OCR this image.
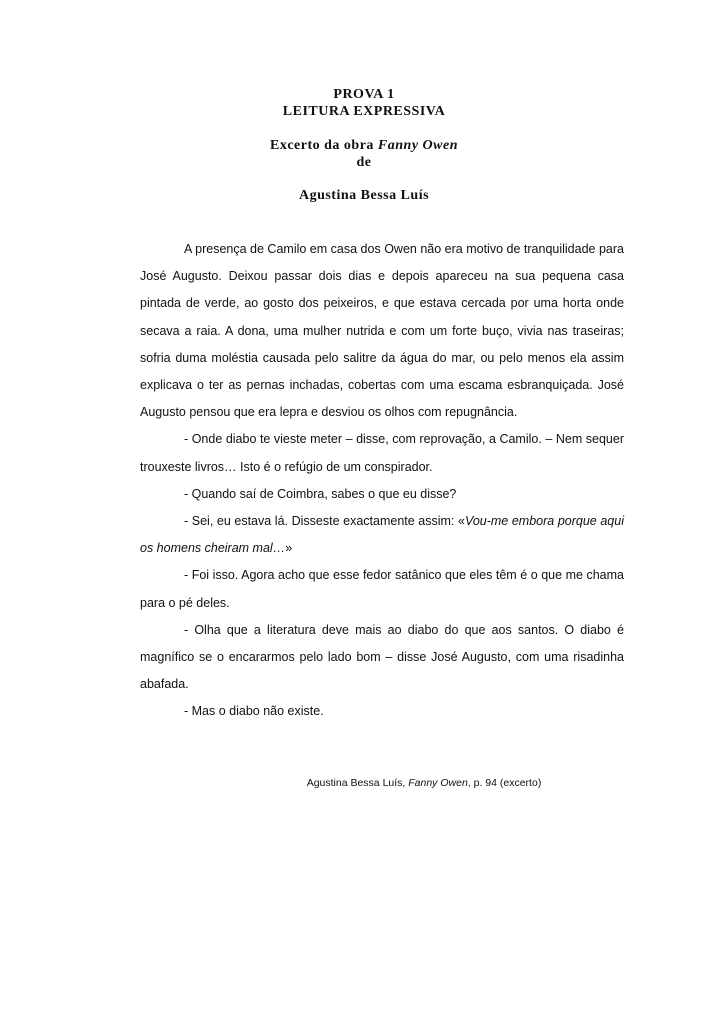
PROVA 1
LEITURA EXPRESSIVA
Excerto da obra Fanny Owen
de
Agustina Bessa Luís

A presença de Camilo em casa dos Owen não era motivo de tranquilidade para José Augusto. Deixou passar dois dias e depois apareceu na sua pequena casa pintada de verde, ao gosto dos peixeiros, e que estava cercada por uma horta onde secava a raia. A dona, uma mulher nutrida e com um forte buço, vivia nas traseiras; sofria duma moléstia causada pelo salitre da água do mar, ou pelo menos ela assim explicava o ter as pernas inchadas, cobertas com uma escama esbranquiçada. José Augusto pensou que era lepra e desviou os olhos com repugnância.

- Onde diabo te vieste meter – disse, com reprovação, a Camilo. – Nem sequer trouxeste livros… Isto é o refúgio de um conspirador.

- Quando saí de Coimbra, sabes o que eu disse?

- Sei, eu estava lá. Disseste exactamente assim: «Vou-me embora porque aqui os homens cheiram mal…»

- Foi isso. Agora acho que esse fedor satânico que eles têm é o que me chama para o pé deles.

- Olha que a literatura deve mais ao diabo do que aos santos. O diabo é magnífico se o encararmos pelo lado bom – disse José Augusto, com uma risadinha abafada.

- Mas o diabo não existe.

Agustina Bessa Luís, Fanny Owen, p. 94 (excerto)
